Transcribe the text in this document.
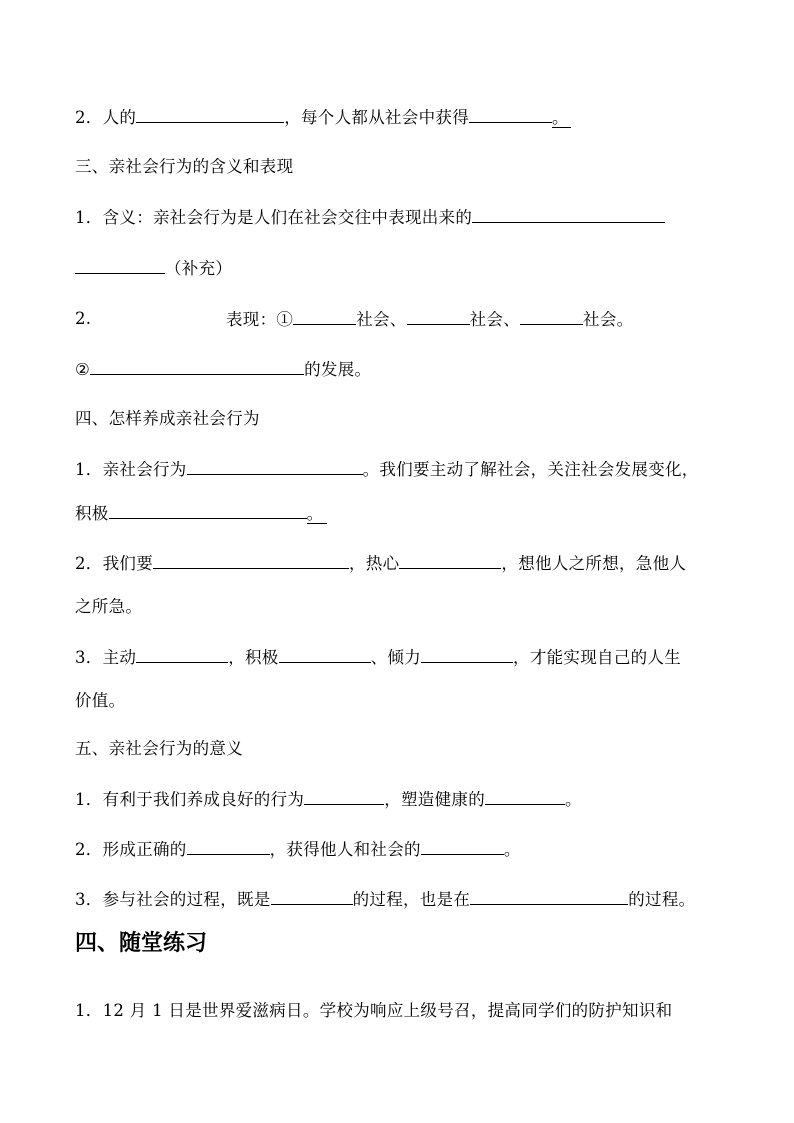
2．人的	，每个人都从社会中获得	。
三、亲社会行为的含义和表现
1．含义：亲社会行为是人们在社会交往中表现出来的
（补充）
2.	表现：①	社会、	社会、	社会。
②	的发展。
四、怎样养成亲社会行为
1．亲社会行为	。我们要主动了解社会，关注社会发展变化，
积极	。
2．我们要	，热心	，想他人之所想，急他人
之所急。
3．主动	，积极	、倾力	，才能实现自己的人生
价值。
五、亲社会行为的意义
1．有利于我们养成良好的行为	，塑造健康的	。
2．形成正确的	，获得他人和社会的	。
3．参与社会的过程，既是	的过程，也是在	的过程。
四、随堂练习
1．12 月 1 日是世界爱滋病日。学校为响应上级号召，提高同学们的防护知识和
